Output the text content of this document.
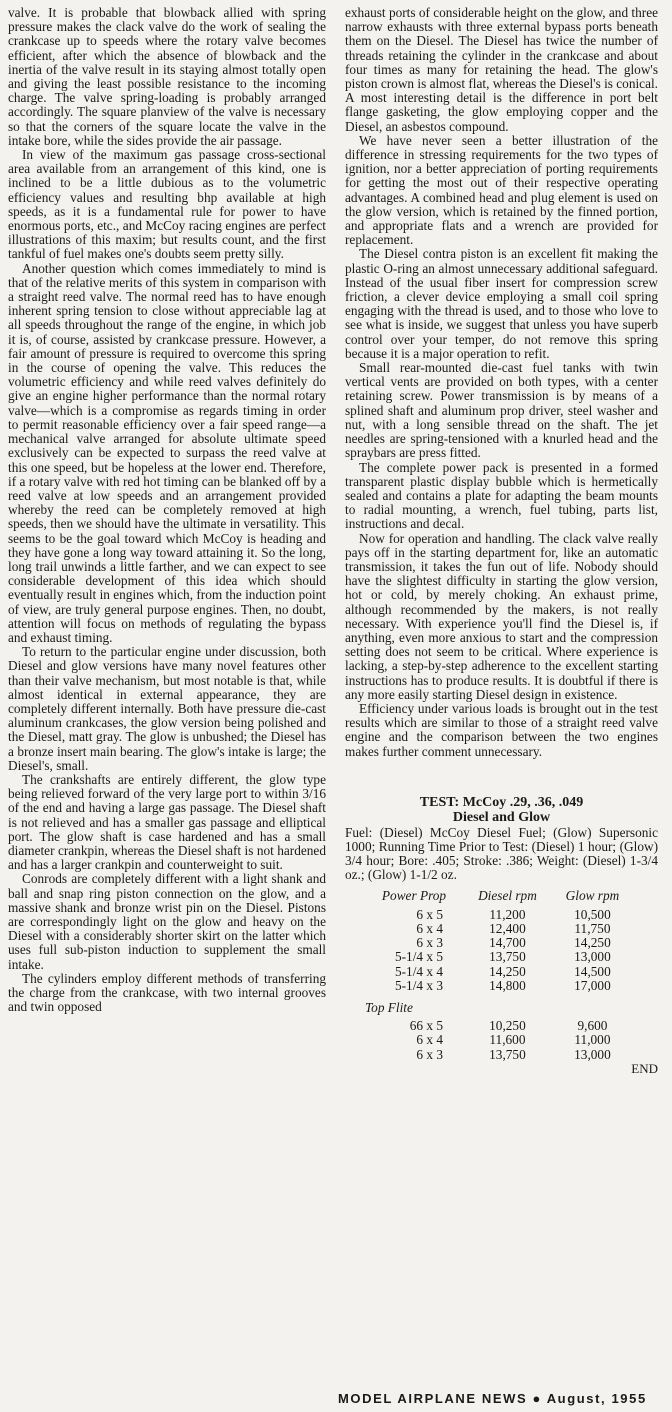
valve. It is probable that blowback allied with spring pressure makes the clack valve do the work of sealing the crankcase up to speeds where the rotary valve becomes efficient, after which the absence of blowback and the inertia of the valve result in its staying almost totally open and giving the least possible resistance to the incoming charge. The valve spring-loading is probably arranged accordingly. The square planview of the valve is necessary so that the corners of the square locate the valve in the intake bore, while the sides provide the air passage.

In view of the maximum gas passage cross-sectional area available from an arrangement of this kind, one is inclined to be a little dubious as to the volumetric efficiency values and resulting bhp available at high speeds, as it is a fundamental rule for power to have enormous ports, etc., and McCoy racing engines are perfect illustrations of this maxim; but results count, and the first tankful of fuel makes one's doubts seem pretty silly.

Another question which comes immediately to mind is that of the relative merits of this system in comparison with a straight reed valve. The normal reed has to have enough inherent spring tension to close without appreciable lag at all speeds throughout the range of the engine, in which job it is, of course, assisted by crankcase pressure. However, a fair amount of pressure is required to overcome this spring in the course of opening the valve. This reduces the volumetric efficiency and while reed valves definitely do give an engine higher performance than the normal rotary valve—which is a compromise as regards timing in order to permit reasonable efficiency over a fair speed range—a mechanical valve arranged for absolute ultimate speed exclusively can be expected to surpass the reed valve at this one speed, but be hopeless at the lower end. Therefore, if a rotary valve with red hot timing can be blanked off by a reed valve at low speeds and an arrangement provided whereby the reed can be completely removed at high speeds, then we should have the ultimate in versatility. This seems to be the goal toward which McCoy is heading and they have gone a long way toward attaining it. So the long, long trail unwinds a little farther, and we can expect to see considerable development of this idea which should eventually result in engines which, from the induction point of view, are truly general purpose engines. Then, no doubt, attention will focus on methods of regulating the bypass and exhaust timing.

To return to the particular engine under discussion, both Diesel and glow versions have many novel features other than their valve mechanism, but most notable is that, while almost identical in external appearance, they are completely different internally. Both have pressure die-cast aluminum crankcases, the glow version being polished and the Diesel, matt gray. The glow is unbushed; the Diesel has a bronze insert main bearing. The glow's intake is large; the Diesel's, small.

The crankshafts are entirely different, the glow type being relieved forward of the very large port to within 3/16 of the end and having a large gas passage. The Diesel shaft is not relieved and has a smaller gas passage and elliptical port. The glow shaft is case hardened and has a small diameter crankpin, whereas the Diesel shaft is not hardened and has a larger crankpin and counterweight to suit.

Conrods are completely different with a light shank and ball and snap ring piston connection on the glow, and a massive shank and bronze wrist pin on the Diesel. Pistons are correspondingly light on the glow and heavy on the Diesel with a considerably shorter skirt on the latter which uses full sub-piston induction to supplement the small intake.

The cylinders employ different methods of transferring the charge from the crankcase, with two internal grooves and twin opposed

exhaust ports of considerable height on the glow, and three narrow exhausts with three external bypass ports beneath them on the Diesel. The Diesel has twice the number of threads retaining the cylinder in the crankcase and about four times as many for retaining the head. The glow's piston crown is almost flat, whereas the Diesel's is conical. A most interesting detail is the difference in port belt flange gasketing, the glow employing copper and the Diesel, an asbestos compound.

We have never seen a better illustration of the difference in stressing requirements for the two types of ignition, nor a better appreciation of porting requirements for getting the most out of their respective operating advantages. A combined head and plug element is used on the glow version, which is retained by the finned portion, and appropriate flats and a wrench are provided for replacement.

The Diesel contra piston is an excellent fit making the plastic O-ring an almost unnecessary additional safeguard. Instead of the usual fiber insert for compression screw friction, a clever device employing a small coil spring engaging with the thread is used, and to those who love to see what is inside, we suggest that unless you have superb control over your temper, do not remove this spring because it is a major operation to refit.

Small rear-mounted die-cast fuel tanks with twin vertical vents are provided on both types, with a center retaining screw. Power transmission is by means of a splined shaft and aluminum prop driver, steel washer and nut, with a long sensible thread on the shaft. The jet needles are spring-tensioned with a knurled head and the spraybars are press fitted.

The complete power pack is presented in a formed transparent plastic display bubble which is hermetically sealed and contains a plate for adapting the beam mounts to radial mounting, a wrench, fuel tubing, parts list, instructions and decal.

Now for operation and handling. The clack valve really pays off in the starting department for, like an automatic transmission, it takes the fun out of life. Nobody should have the slightest difficulty in starting the glow version, hot or cold, by merely choking. An exhaust prime, although recommended by the makers, is not really necessary. With experience you'll find the Diesel is, if anything, even more anxious to start and the compression setting does not seem to be critical. Where experience is lacking, a step-by-step adherence to the excellent starting instructions has to produce results. It is doubtful if there is any more easily starting Diesel design in existence.

Efficiency under various loads is brought out in the test results which are similar to those of a straight reed valve engine and the comparison between the two engines makes further comment unnecessary.

TEST: McCoy .29, .36, .049
Diesel and Glow

Fuel: (Diesel) McCoy Diesel Fuel; (Glow) Supersonic 1000; Running Time Prior to Test: (Diesel) 1 hour; (Glow) 3/4 hour; Bore: .405; Stroke: .386; Weight: (Diesel) 1-3/4 oz.; (Glow) 1-1/2 oz.

Power Prop	Diesel rpm	Glow rpm
6 x 5	11,200	10,500
6 x 4	12,400	11,750
6 x 3	14,700	14,250
5-1/4 x 5	13,750	13,000
5-1/4 x 4	14,250	14,500
5-1/4 x 3	14,800	17,000
Top Flite		
66 x 5	10,250	9,600
6 x 4	11,600	11,000
6 x 3	13,750	13,000
END
MODEL AIRPLANE NEWS ● August, 1955
